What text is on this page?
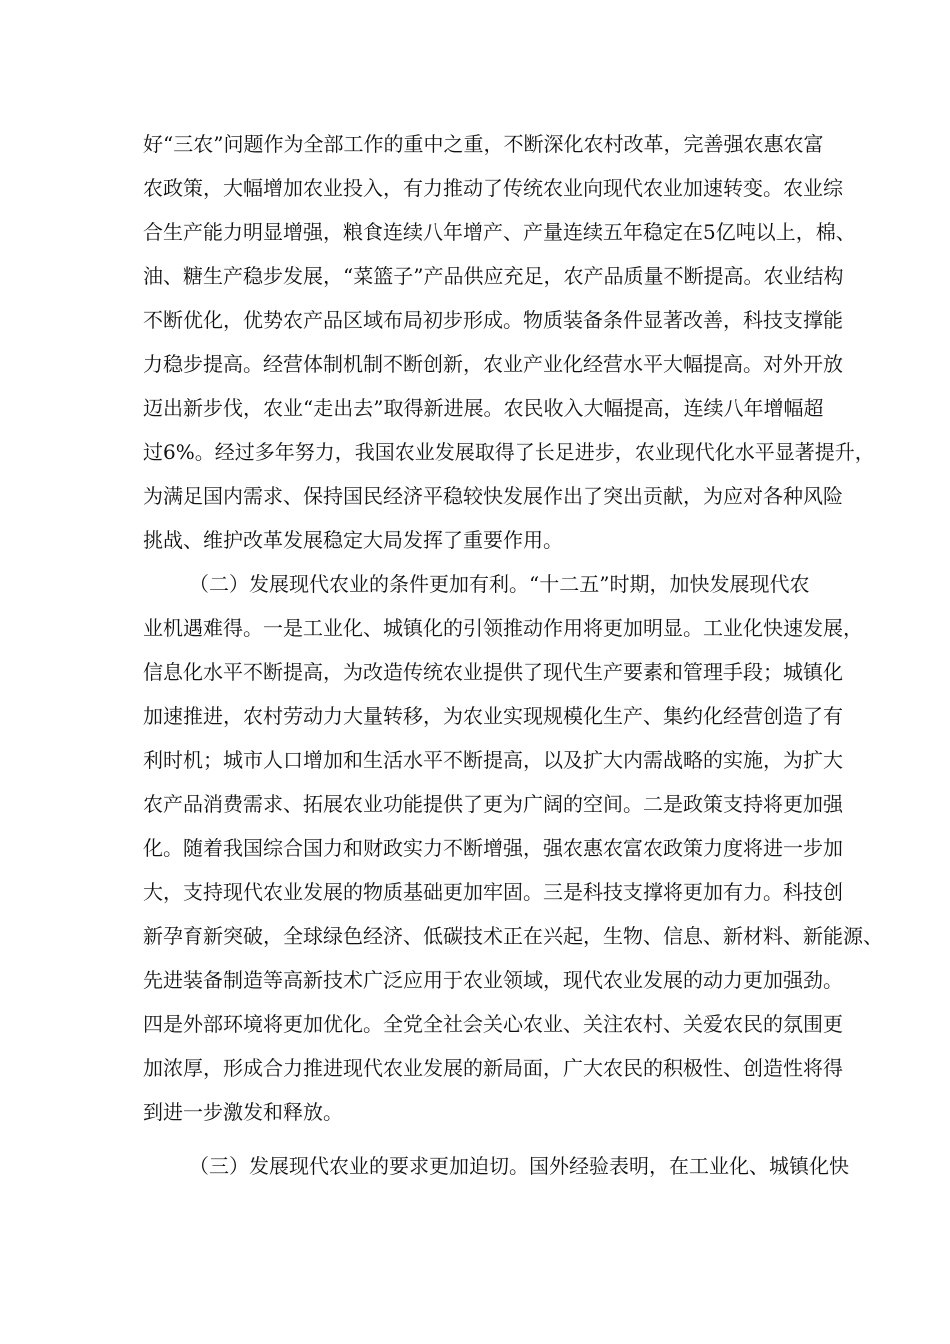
好“三农”问题作为全部工作的重中之重，不断深化农村改革，完善强农惠农富
农政策，大幅增加农业投入，有力推动了传统农业向现代农业加速转变。农业综
合生产能力明显增强，粮食连续八年增产、产量连续五年稳定在5亿吨以上，棉、
油、糖生产稳步发展，“菜篮子”产品供应充足，农产品质量不断提高。农业结构
不断优化，优势农产品区域布局初步形成。物质装备条件显著改善，科技支撑能
力稳步提高。经营体制机制不断创新，农业产业化经营水平大幅提高。对外开放
迈出新步伐，农业“走出去”取得新进展。农民收入大幅提高，连续八年增幅超
过6%。经过多年努力，我国农业发展取得了长足进步，农业现代化水平显著提升，
为满足国内需求、保持国民经济平稳较快发展作出了突出贡献，为应对各种风险
挑战、维护改革发展稳定大局发挥了重要作用。
（二）发展现代农业的条件更加有利。“十二五”时期，加快发展现代农
业机遇难得。一是工业化、城镇化的引领推动作用将更加明显。工业化快速发展，
信息化水平不断提高，为改造传统农业提供了现代生产要素和管理手段；城镇化
加速推进，农村劳动力大量转移，为农业实现规模化生产、集约化经营创造了有
利时机；城市人口增加和生活水平不断提高，以及扩大内需战略的实施，为扩大
农产品消费需求、拓展农业功能提供了更为广阔的空间。二是政策支持将更加强
化。随着我国综合国力和财政实力不断增强，强农惠农富农政策力度将进一步加
大，支持现代农业发展的物质基础更加牢固。三是科技支撑将更加有力。科技创
新孕育新突破，全球绿色经济、低碳技术正在兴起，生物、信息、新材料、新能源、
先进装备制造等高新技术广泛应用于农业领域，现代农业发展的动力更加强劲。
四是外部环境将更加优化。全党全社会关心农业、关注农村、关爱农民的氛围更
加浓厚，形成合力推进现代农业发展的新局面，广大农民的积极性、创造性将得
到进一步激发和释放。
（三）发展现代农业的要求更加迫切。国外经验表明，在工业化、城镇化快
